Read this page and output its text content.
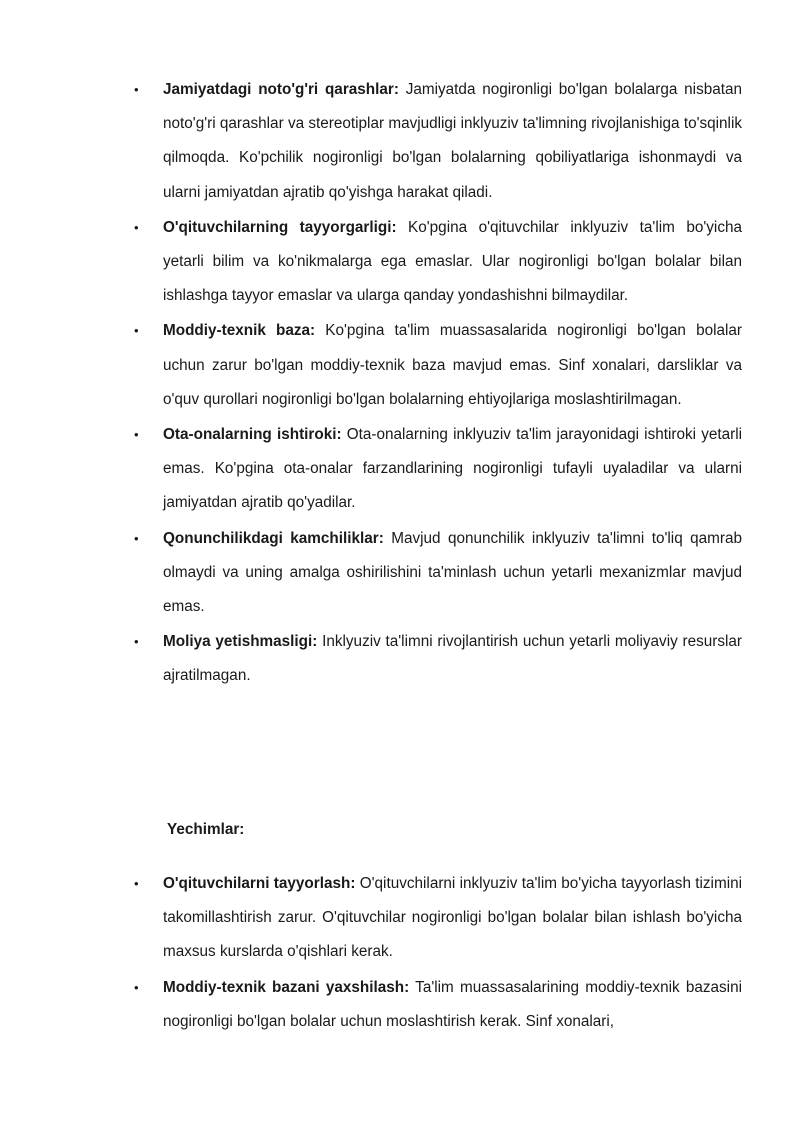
• Jamiyatdagi noto'g'ri qarashlar: Jamiyatda nogironligi bo'lgan bolalarga nisbatan noto'g'ri qarashlar va stereotiplar mavjudligi inklyuziv ta'limning rivojlanishiga to'sqinlik qilmoqda. Ko'pchilik nogironligi bo'lgan bolalarning qobiliyatlariga ishonmaydi va ularni jamiyatdan ajratib qo'yishga harakat qiladi.
• O'qituvchilarning tayyorgarligi: Ko'pgina o'qituvchilar inklyuziv ta'lim bo'yicha yetarli bilim va ko'nikmalarga ega emaslar. Ular nogironligi bo'lgan bolalar bilan ishlashga tayyor emaslar va ularga qanday yondashishni bilmaydilar.
• Moddiy-texnik baza: Ko'pgina ta'lim muassasalarida nogironligi bo'lgan bolalar uchun zarur bo'lgan moddiy-texnik baza mavjud emas. Sinf xonalari, darsliklar va o'quv qurollari nogironligi bo'lgan bolalarning ehtiyojlariga moslashtirilmagan.
• Ota-onalarning ishtiroki: Ota-onalarning inklyuziv ta'lim jarayonidagi ishtiroki yetarli emas. Ko'pgina ota-onalar farzandlarining nogironligi tufayli uyaladilar va ularni jamiyatdan ajratib qo'yadilar.
• Qonunchilikdagi kamchiliklar: Mavjud qonunchilik inklyuziv ta'limni to'liq qamrab olmaydi va uning amalga oshirilishini ta'minlash uchun yetarli mexanizmlar mavjud emas.
• Moliya yetishmasligi: Inklyuziv ta'limni rivojlantirish uchun yetarli moliyaviy resurslar ajratilmagan.

Yechimlar:

• O'qituvchilarni tayyorlash: O'qituvchilarni inklyuziv ta'lim bo'yicha tayyorlash tizimini takomillashtirish zarur. O'qituvchilar nogironligi bo'lgan bolalar bilan ishlash bo'yicha maxsus kurslarda o'qishlari kerak.
• Moddiy-texnik bazani yaxshilash: Ta'lim muassasalarining moddiy-texnik bazasini nogironligi bo'lgan bolalar uchun moslashtirish kerak. Sinf xonalari,
